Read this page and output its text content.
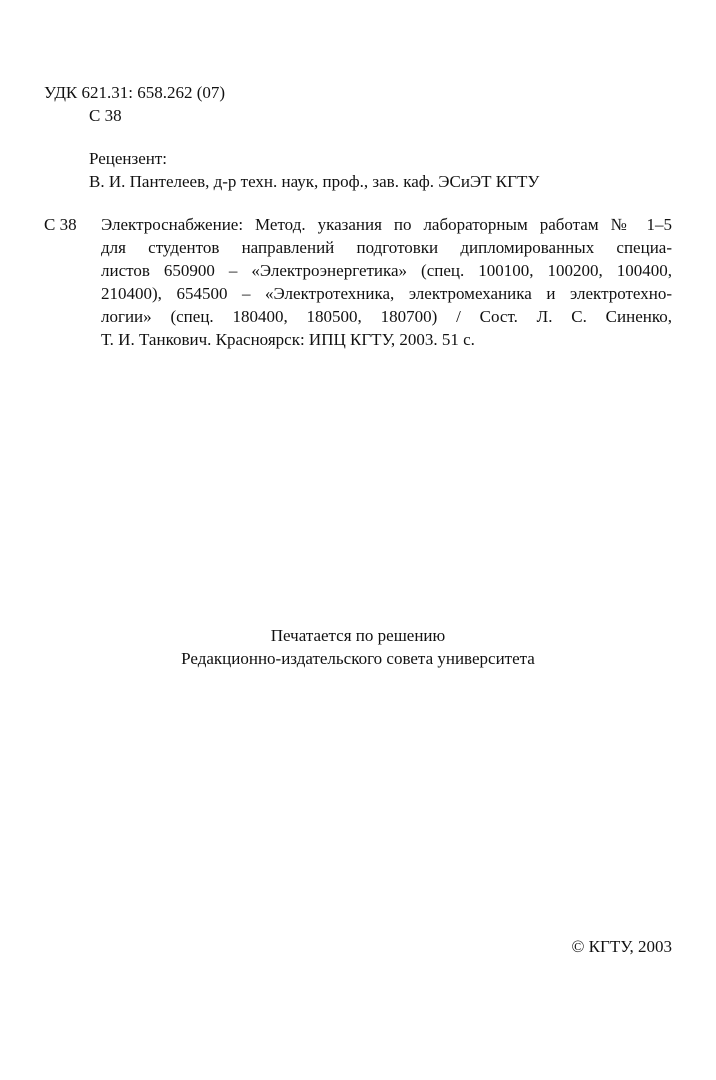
УДК 621.31: 658.262 (07)
С 38
Рецензент:
В. И. Пантелеев, д-р техн. наук, проф., зав. каф. ЭСиЭТ КГТУ
С 38 Электроснабжение: Метод. указания по лабораторным работам № 1–5
для студентов направлений подготовки дипломированных специа-
листов 650900 – «Электроэнергетика» (спец. 100100, 100200, 100400,
210400), 654500 – «Электротехника, электромеханика и электротехно-
логии» (спец. 180400, 180500, 180700) / Сост. Л. С. Синенко,
Т. И. Танкович. Красноярск: ИПЦ КГТУ, 2003. 51 с.
Печатается по решению
Редакционно-издательского совета университета
© КГТУ, 2003
